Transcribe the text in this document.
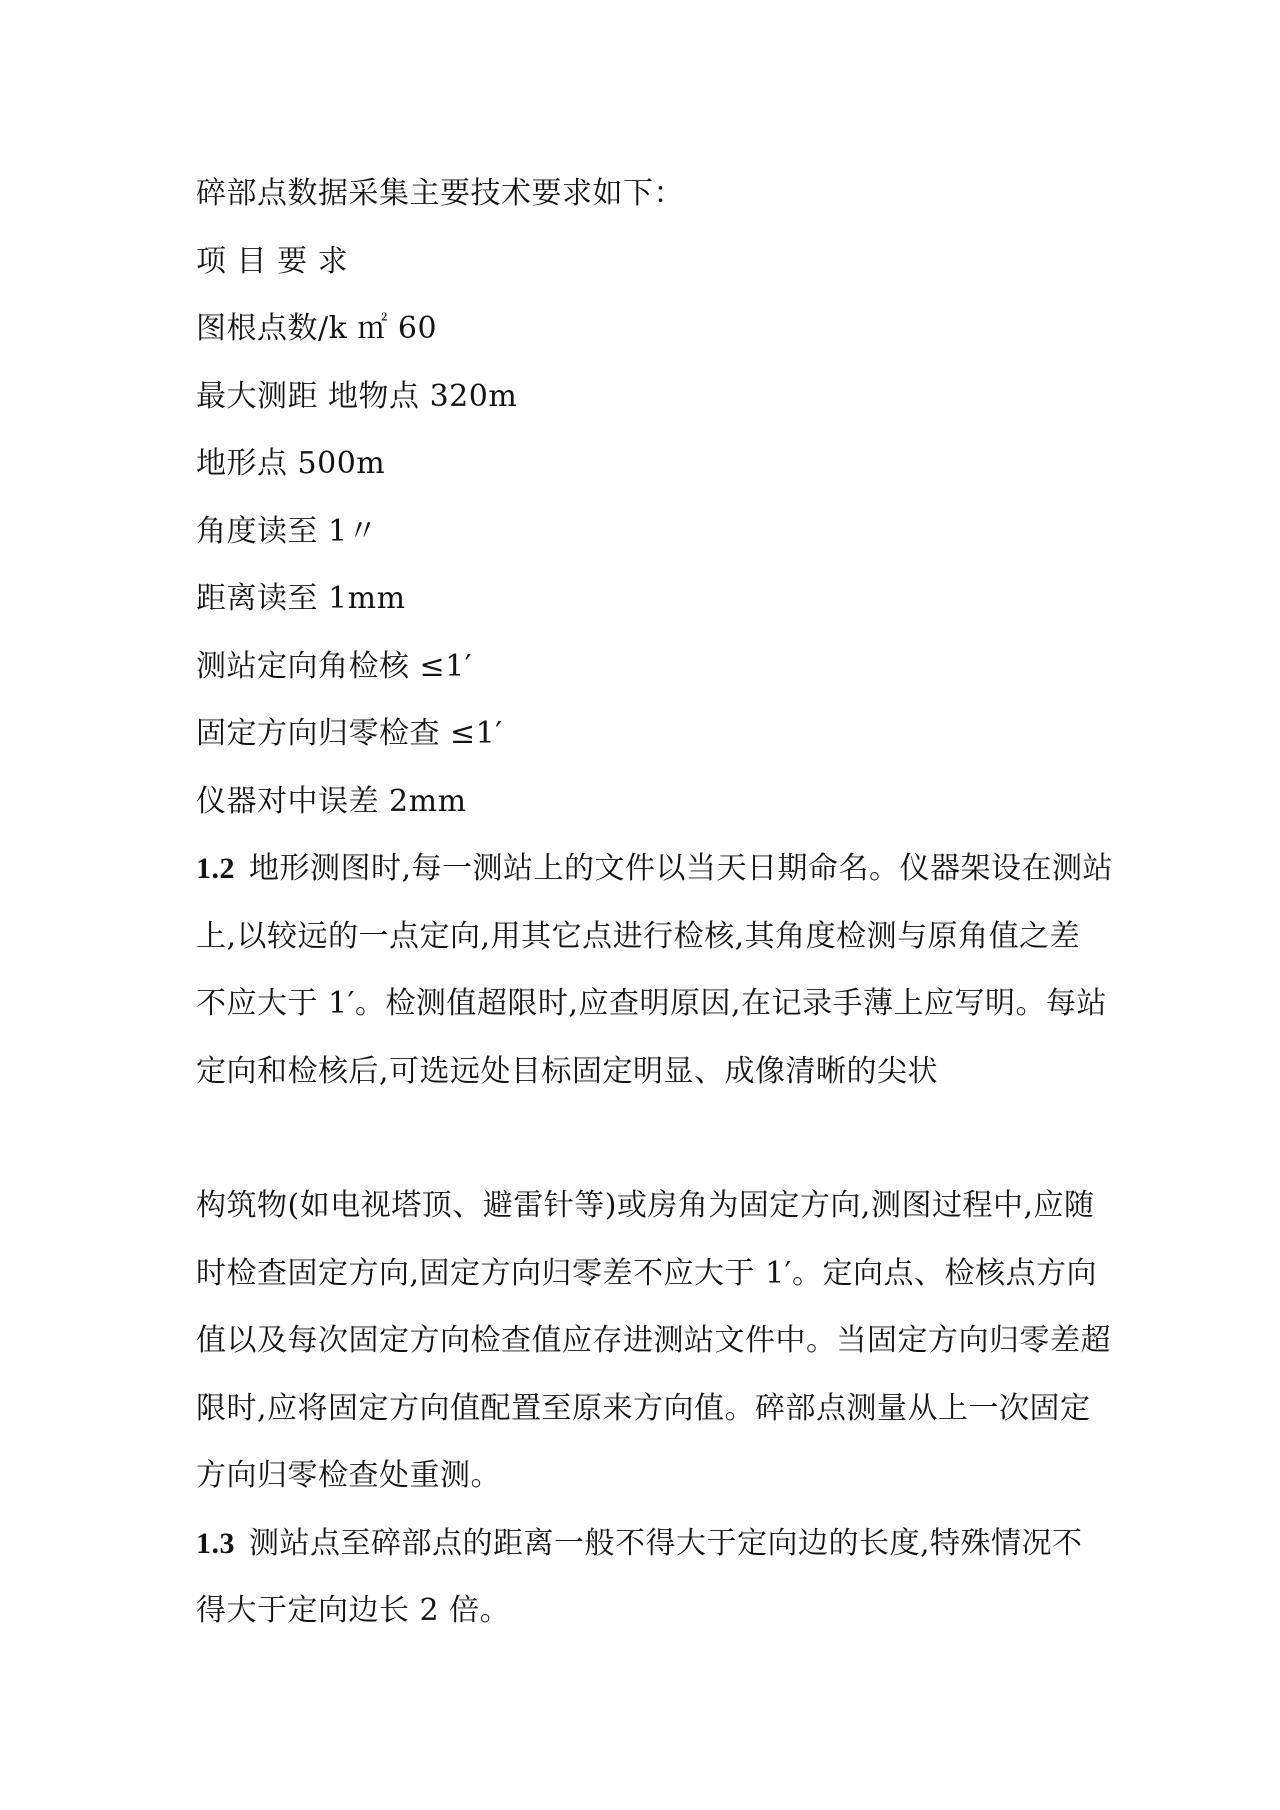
碎部点数据采集主要技术要求如下：
项 目 要 求
图根点数/k ㎡ 60
最大测距 地物点 320m
地形点 500m
角度读至 1〃
距离读至 1mm
测站定向角检核 ≤1′
固定方向归零检查 ≤1′
仪器对中误差 2mm
1.2 地形测图时,每一测站上的文件以当天日期命名。仪器架设在测站
上,以较远的一点定向,用其它点进行检核,其角度检测与原角值之差
不应大于 1′。检测值超限时,应查明原因,在记录手薄上应写明。每站
定向和检核后,可选远处目标固定明显、成像清晰的尖状
构筑物(如电视塔顶、避雷针等)或房角为固定方向,测图过程中,应随
时检查固定方向,固定方向归零差不应大于 1′。定向点、检核点方向
值以及每次固定方向检查值应存进测站文件中。当固定方向归零差超
限时,应将固定方向值配置至原来方向值。碎部点测量从上一次固定
方向归零检查处重测。
1.3 测站点至碎部点的距离一般不得大于定向边的长度,特殊情况不
得大于定向边长 2 倍。
